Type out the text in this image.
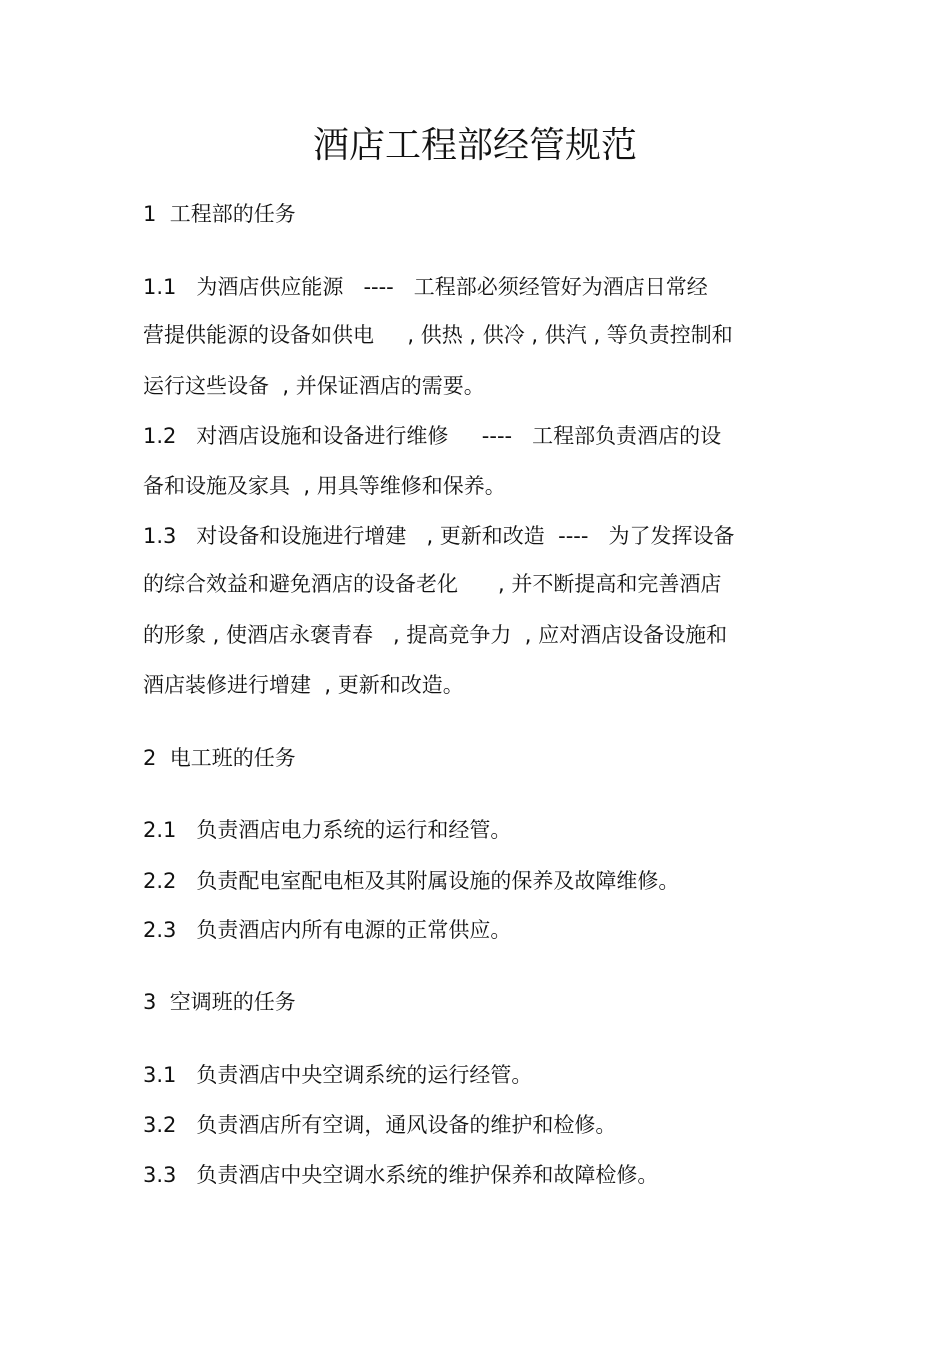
酒店工程部经管规范
1  工程部的任务
1.1   为酒店供应能源   ----   工程部必须经管好为酒店日常经
营提供能源的设备如供电     , 供热 , 供冷 , 供汽 , 等负责控制和
运行这些设备  , 并保证酒店的需要。
1.2   对酒店设施和设备进行维修     ----   工程部负责酒店的设
备和设施及家具  , 用具等维修和保养。
1.3   对设备和设施进行增建   , 更新和改造  ----   为了发挥设备
的综合效益和避免酒店的设备老化      , 并不断提高和完善酒店
的形象 , 使酒店永褒青春   , 提高竞争力  , 应对酒店设备设施和
酒店装修进行增建  , 更新和改造。
2  电工班的任务
2.1   负责酒店电力系统的运行和经管。
2.2   负责配电室配电柜及其附属设施的保养及故障维修。
2.3   负责酒店内所有电源的正常供应。
3  空调班的任务
3.1   负责酒店中央空调系统的运行经管。
3.2   负责酒店所有空调，通风设备的维护和检修。
3.3   负责酒店中央空调水系统的维护保养和故障检修。
